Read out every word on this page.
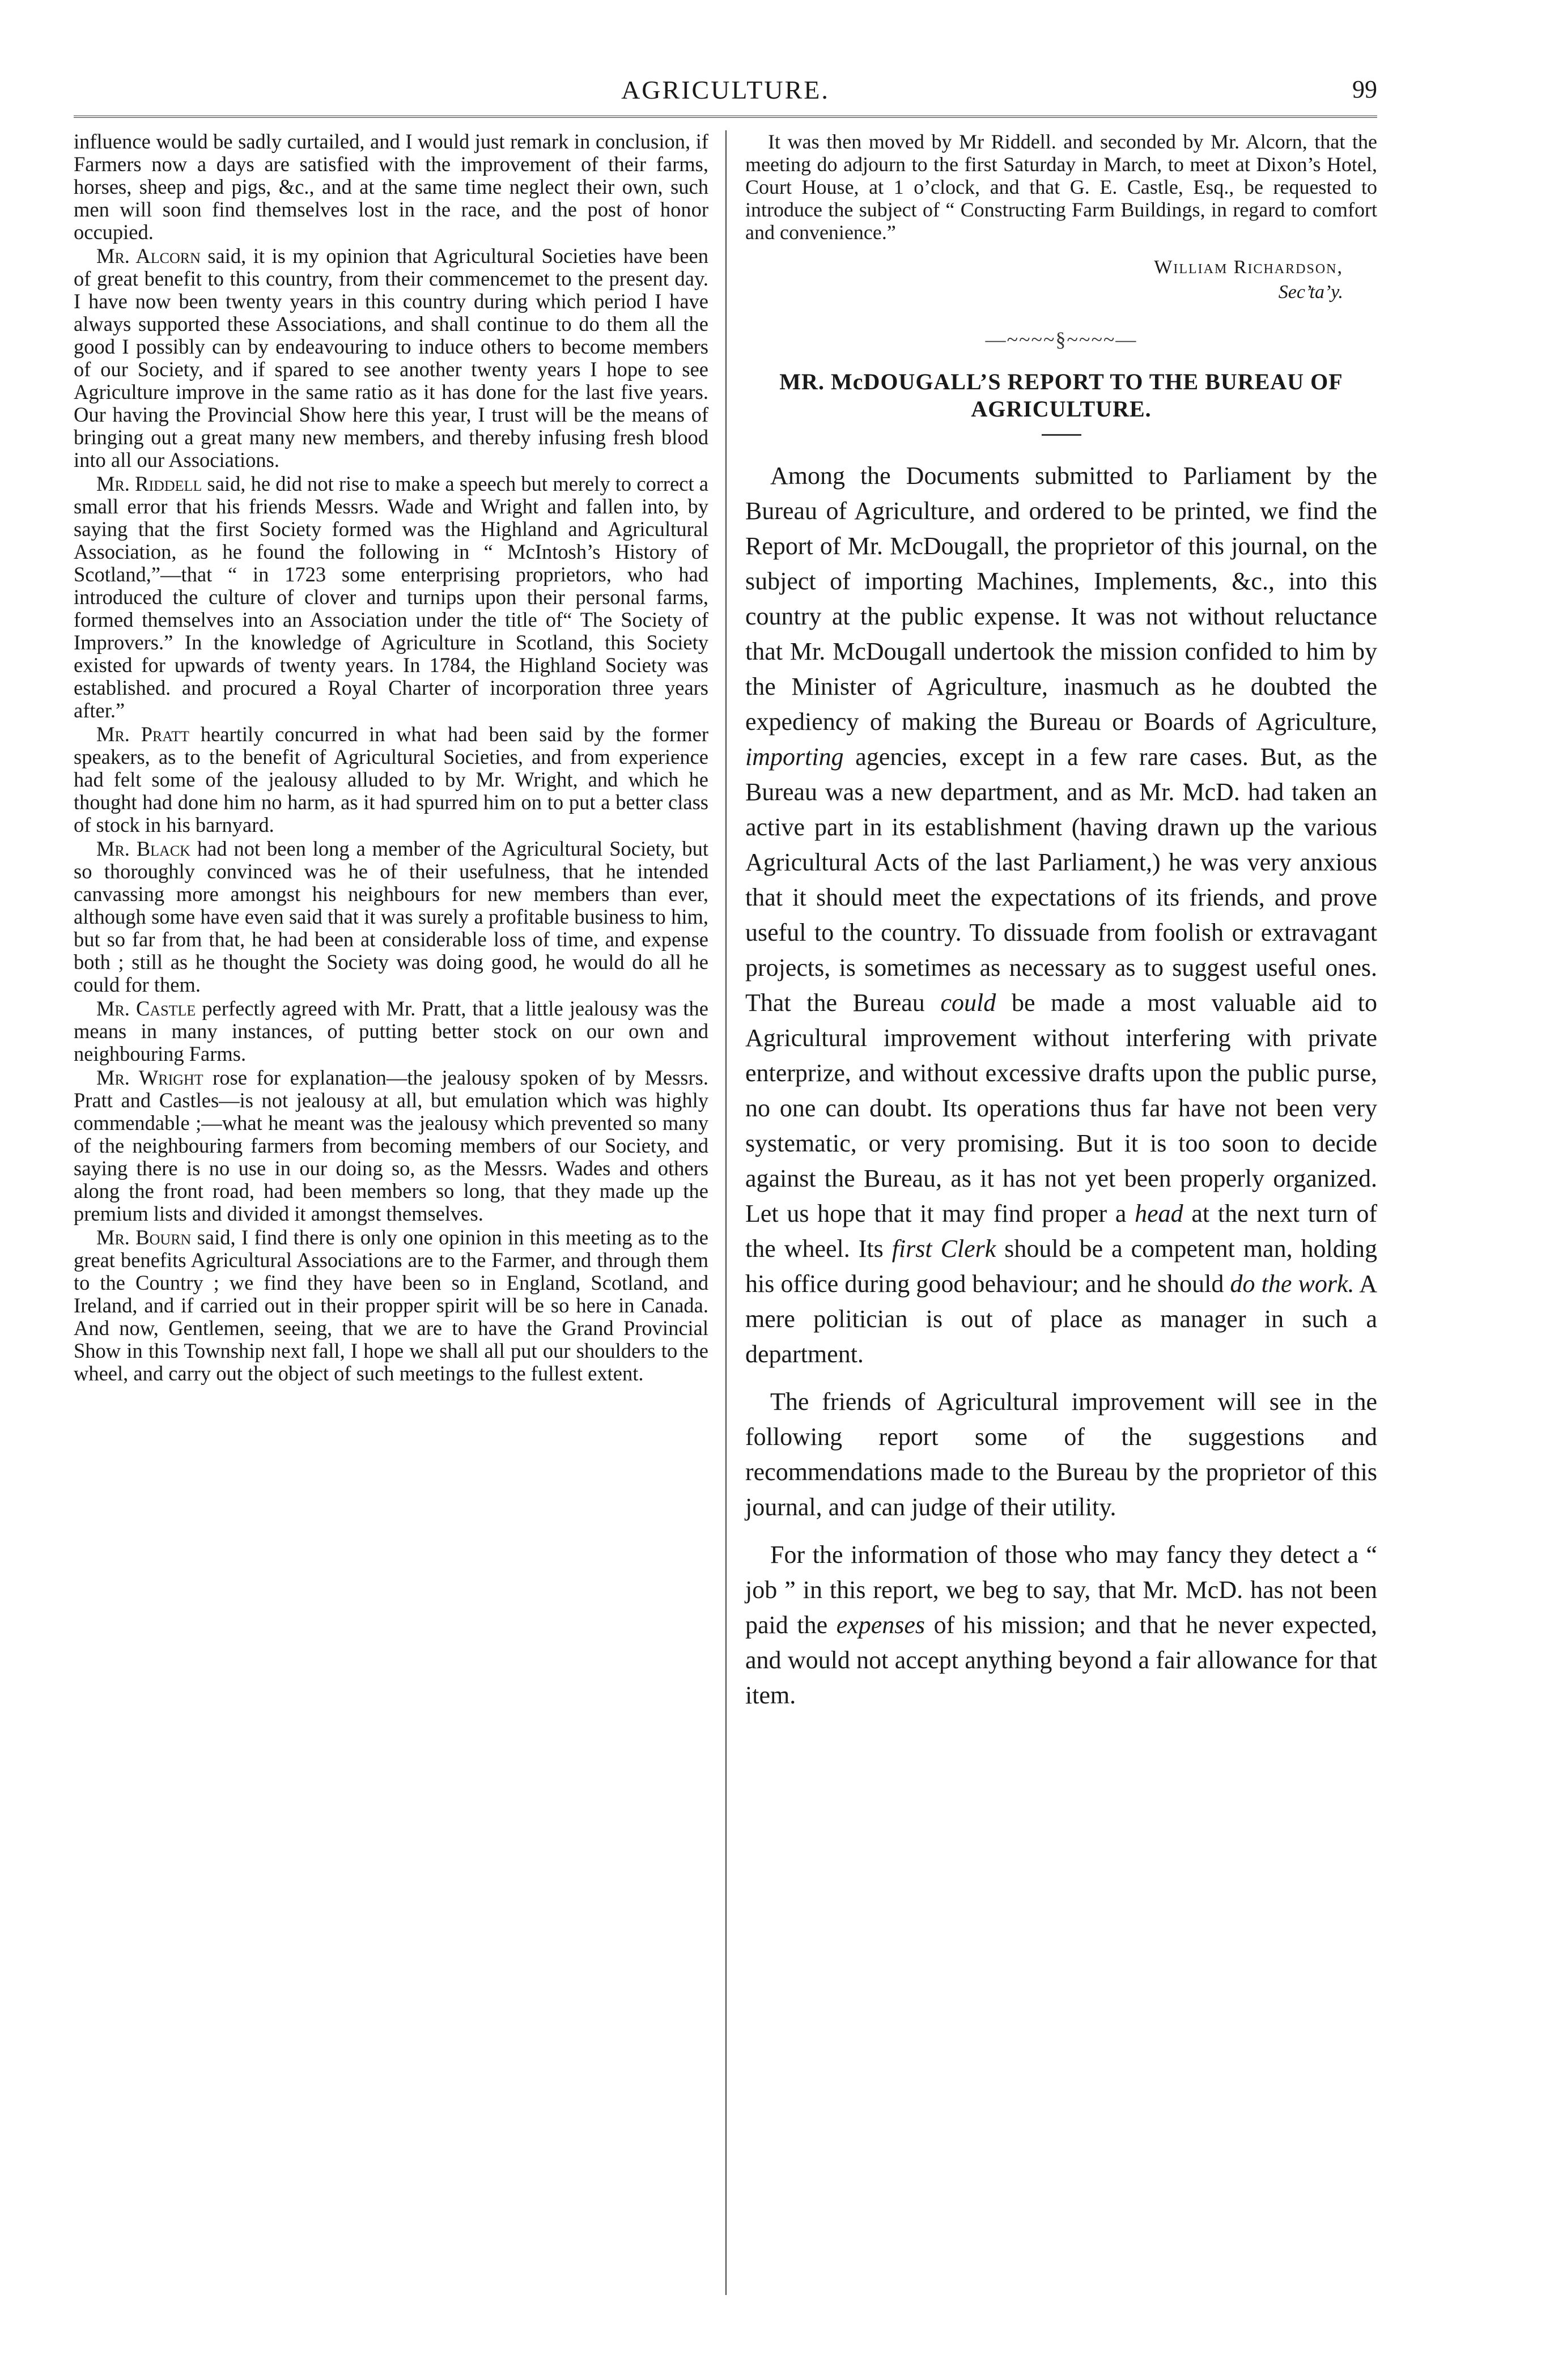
AGRICULTURE.	99

influence would be sadly curtailed, and I would just remark in conclusion, if Farmers now a days are satisfied with the improvement of their farms, horses, sheep and pigs, &c., and at the same time neglect their own, such men will soon find themselves lost in the race, and the post of honor occupied.

Mr. Alcorn said, it is my opinion that Agricultural Societies have been of great benefit to this country, from their commencemet to the present day. I have now been twenty years in this country during which period I have always supported these Associations, and shall continue to do them all the good I possibly can by endeavouring to induce others to become members of our Society, and if spared to see another twenty years I hope to see Agriculture improve in the same ratio as it has done for the last five years. Our having the Provincial Show here this year, I trust will be the means of bringing out a great many new members, and thereby infusing fresh blood into all our Associations.

Mr. Riddell said, he did not rise to make a speech but merely to correct a small error that his friends Messrs. Wade and Wright and fallen into, by saying that the first Society formed was the Highland and Agricultural Association, as he found the following in “ McIntosh’s History of Scotland,”—that “ in 1723 some enterprising proprietors, who had introduced the culture of clover and turnips upon their personal farms, formed themselves into an Association under the title of“ The Society of Improvers.” In the knowledge of Agriculture in Scotland, this Society existed for upwards of twenty years. In 1784, the Highland Society was established. and procured a Royal Charter of incorporation three years after.”

Mr. Pratt heartily concurred in what had been said by the former speakers, as to the benefit of Agricultural Societies, and from experience had felt some of the jealousy alluded to by Mr. Wright, and which he thought had done him no harm, as it had spurred him on to put a better class of stock in his barnyard.

Mr. Black had not been long a member of the Agricultural Society, but so thoroughly convinced was he of their usefulness, that he intended canvassing more amongst his neighbours for new members than ever, although some have even said that it was surely a profitable business to him, but so far from that, he had been at considerable loss of time, and expense both ; still as he thought the Society was doing good, he would do all he could for them.

Mr. Castle perfectly agreed with Mr. Pratt, that a little jealousy was the means in many instances, of putting better stock on our own and neighbouring Farms.

Mr. Wright rose for explanation—the jealousy spoken of by Messrs. Pratt and Castles—is not jealousy at all, but emulation which was highly commendable ;—what he meant was the jealousy which prevented so many of the neighbouring farmers from becoming members of our Society, and saying there is no use in our doing so, as the Messrs. Wades and others along the front road, had been members so long, that they made up the premium lists and divided it amongst themselves.

Mr. Bourn said, I find there is only one opinion in this meeting as to the great benefits Agricultural Associations are to the Farmer, and through them to the Country ; we find they have been so in England, Scotland, and Ireland, and if carried out in their propper spirit will be so here in Canada. And now, Gentlemen, seeing, that we are to have the Grand Provincial Show in this Township next fall, I hope we shall all put our shoulders to the wheel, and carry out the object of such meetings to the fullest extent.

It was then moved by Mr Riddell. and seconded by Mr. Alcorn, that the meeting do adjourn to the first Saturday in March, to meet at Dixon’s Hotel, Court House, at 1 o’clock, and that G. E. Castle, Esq., be requested to introduce the subject of “ Constructing Farm Buildings, in regard to comfort and convenience.”

William Richardson,
Sec’ta’y.
—~~~~§~~~~—
MR. McDOUGALL’S REPORT TO THE BUREAU OF
AGRICULTURE.

Among the Documents submitted to Parliament by the Bureau of Agriculture, and ordered to be printed, we find the Report of Mr. McDougall, the proprietor of this journal, on the subject of importing Machines, Implements, &c., into this country at the public expense. It was not without reluctance that Mr. McDougall undertook the mission confided to him by the Minister of Agriculture, inasmuch as he doubted the expediency of making the Bureau or Boards of Agriculture, importing agencies, except in a few rare cases. But, as the Bureau was a new department, and as Mr. McD. had taken an active part in its establishment (having drawn up the various Agricultural Acts of the last Parliament,) he was very anxious that it should meet the expectations of its friends, and prove useful to the country. To dissuade from foolish or extravagant projects, is sometimes as necessary as to suggest useful ones. That the Bureau could be made a most valuable aid to Agricultural improvement without interfering with private enterprize, and without excessive drafts upon the public purse, no one can doubt. Its operations thus far have not been very systematic, or very promising. But it is too soon to decide against the Bureau, as it has not yet been properly organized. Let us hope that it may find proper a head at the next turn of the wheel. Its first Clerk should be a competent man, holding his office during good behaviour; and he should do the work. A mere politician is out of place as manager in such a department.

The friends of Agricultural improvement will see in the following report some of the suggestions and recommendations made to the Bureau by the proprietor of this journal, and can judge of their utility.

For the information of those who may fancy they detect a “ job ” in this report, we beg to say, that Mr. McD. has not been paid the expenses of his mission; and that he never expected, and would not accept anything beyond a fair allowance for that item.
